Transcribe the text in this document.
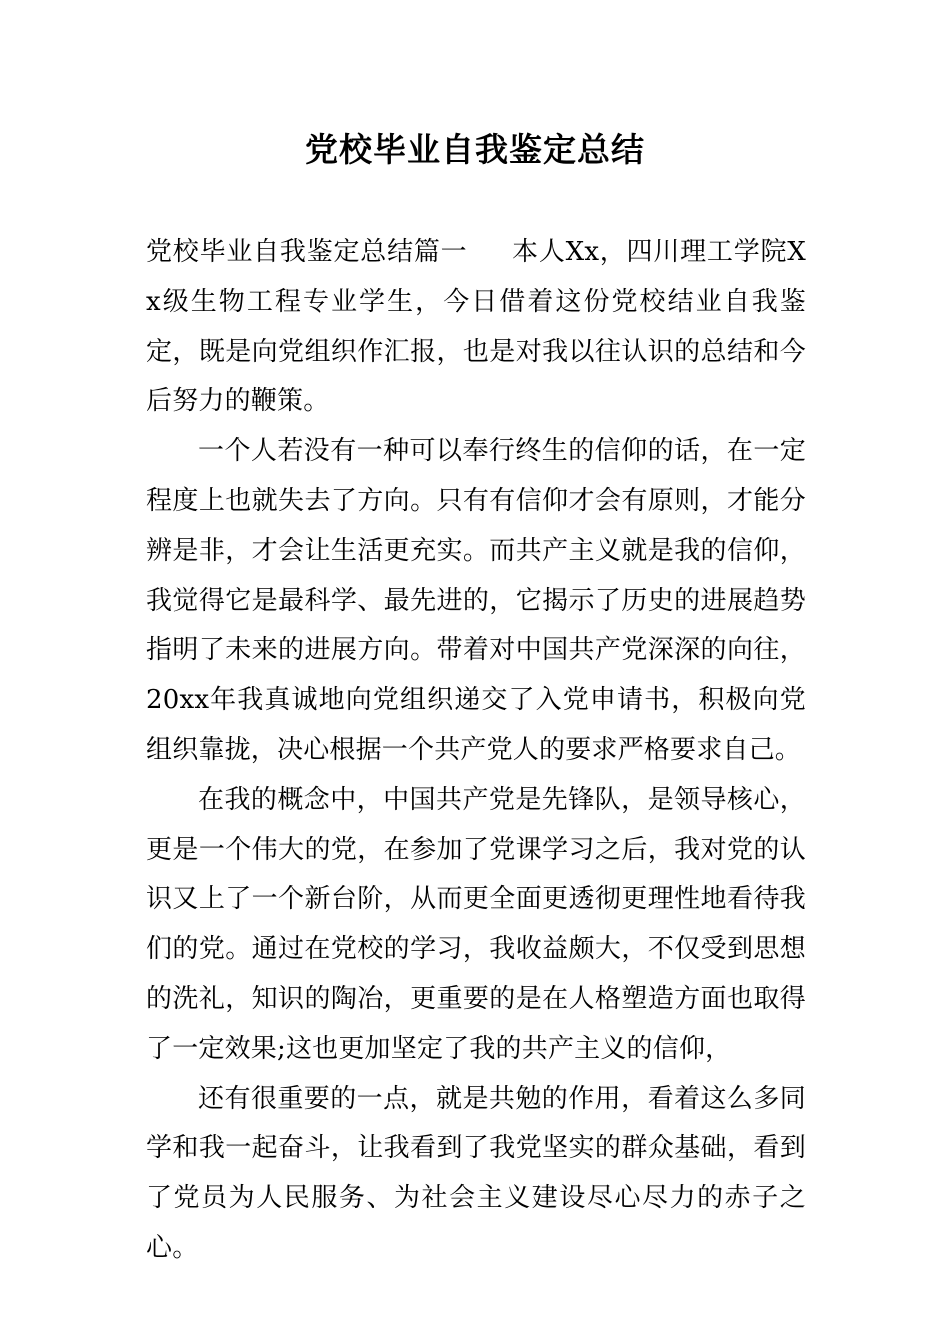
党校毕业自我鉴定总结

党校毕业自我鉴定总结篇一 本人Xx，四川理工学院Xx级生物工程专业学生，今日借着这份党校结业自我鉴定，既是向党组织作汇报，也是对我以往认识的总结和今后努力的鞭策。

一个人若没有一种可以奉行终生的信仰的话，在一定程度上也就失去了方向。只有有信仰才会有原则，才能分辨是非，才会让生活更充实。而共产主义就是我的信仰，我觉得它是最科学、最先进的，它揭示了历史的进展趋势指明了未来的进展方向。带着对中国共产党深深的向往，20xx年我真诚地向党组织递交了入党申请书，积极向党组织靠拢，决心根据一个共产党人的要求严格要求自己。

在我的概念中，中国共产党是先锋队，是领导核心，更是一个伟大的党，在参加了党课学习之后，我对党的认识又上了一个新台阶，从而更全面更透彻更理性地看待我们的党。通过在党校的学习，我收益颇大，不仅受到思想的洗礼，知识的陶冶，更重要的是在人格塑造方面也取得了一定效果;这也更加坚定了我的共产主义的信仰，

还有很重要的一点，就是共勉的作用，看着这么多同学和我一起奋斗，让我看到了我党坚实的群众基础，看到了党员为人民服务、为社会主义建设尽心尽力的赤子之心。
